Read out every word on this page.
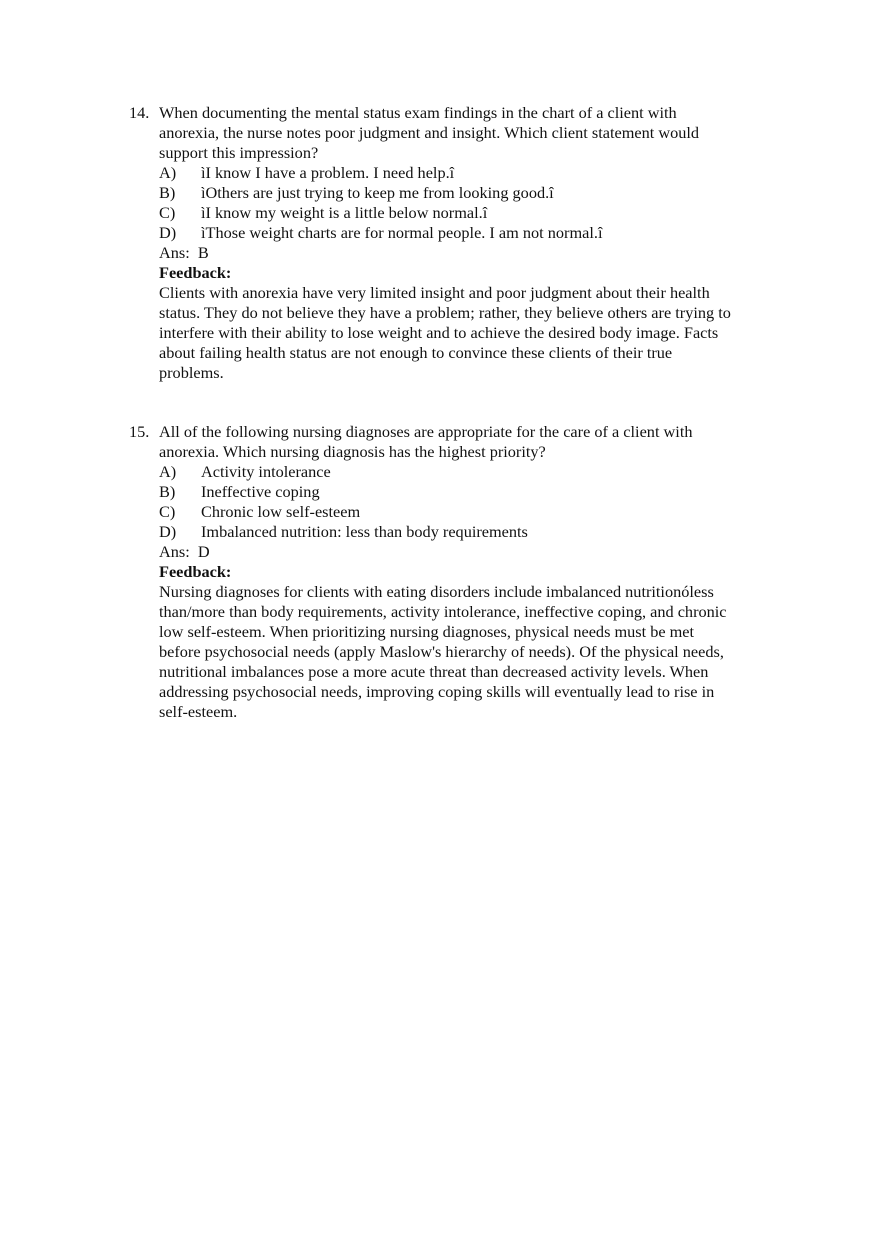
14. When documenting the mental status exam findings in the chart of a client with
anorexia, the nurse notes poor judgment and insight. Which client statement would
support this impression?
A) ìI know I have a problem. I need help.î
B) ìOthers are just trying to keep me from looking good.î
C) ìI know my weight is a little below normal.î
D) ìThose weight charts are for normal people. I am not normal.î
Ans:  B
Feedback:
Clients with anorexia have very limited insight and poor judgment about their health
status. They do not believe they have a problem; rather, they believe others are trying to
interfere with their ability to lose weight and to achieve the desired body image. Facts
about failing health status are not enough to convince these clients of their true
problems.
15. All of the following nursing diagnoses are appropriate for the care of a client with
anorexia. Which nursing diagnosis has the highest priority?
A) Activity intolerance
B) Ineffective coping
C) Chronic low self-esteem
D) Imbalanced nutrition: less than body requirements
Ans:  D
Feedback:
Nursing diagnoses for clients with eating disorders include imbalanced nutritionóless
than/more than body requirements, activity intolerance, ineffective coping, and chronic
low self-esteem. When prioritizing nursing diagnoses, physical needs must be met
before psychosocial needs (apply Maslow's hierarchy of needs). Of the physical needs,
nutritional imbalances pose a more acute threat than decreased activity levels. When
addressing psychosocial needs, improving coping skills will eventually lead to rise in
self-esteem.
